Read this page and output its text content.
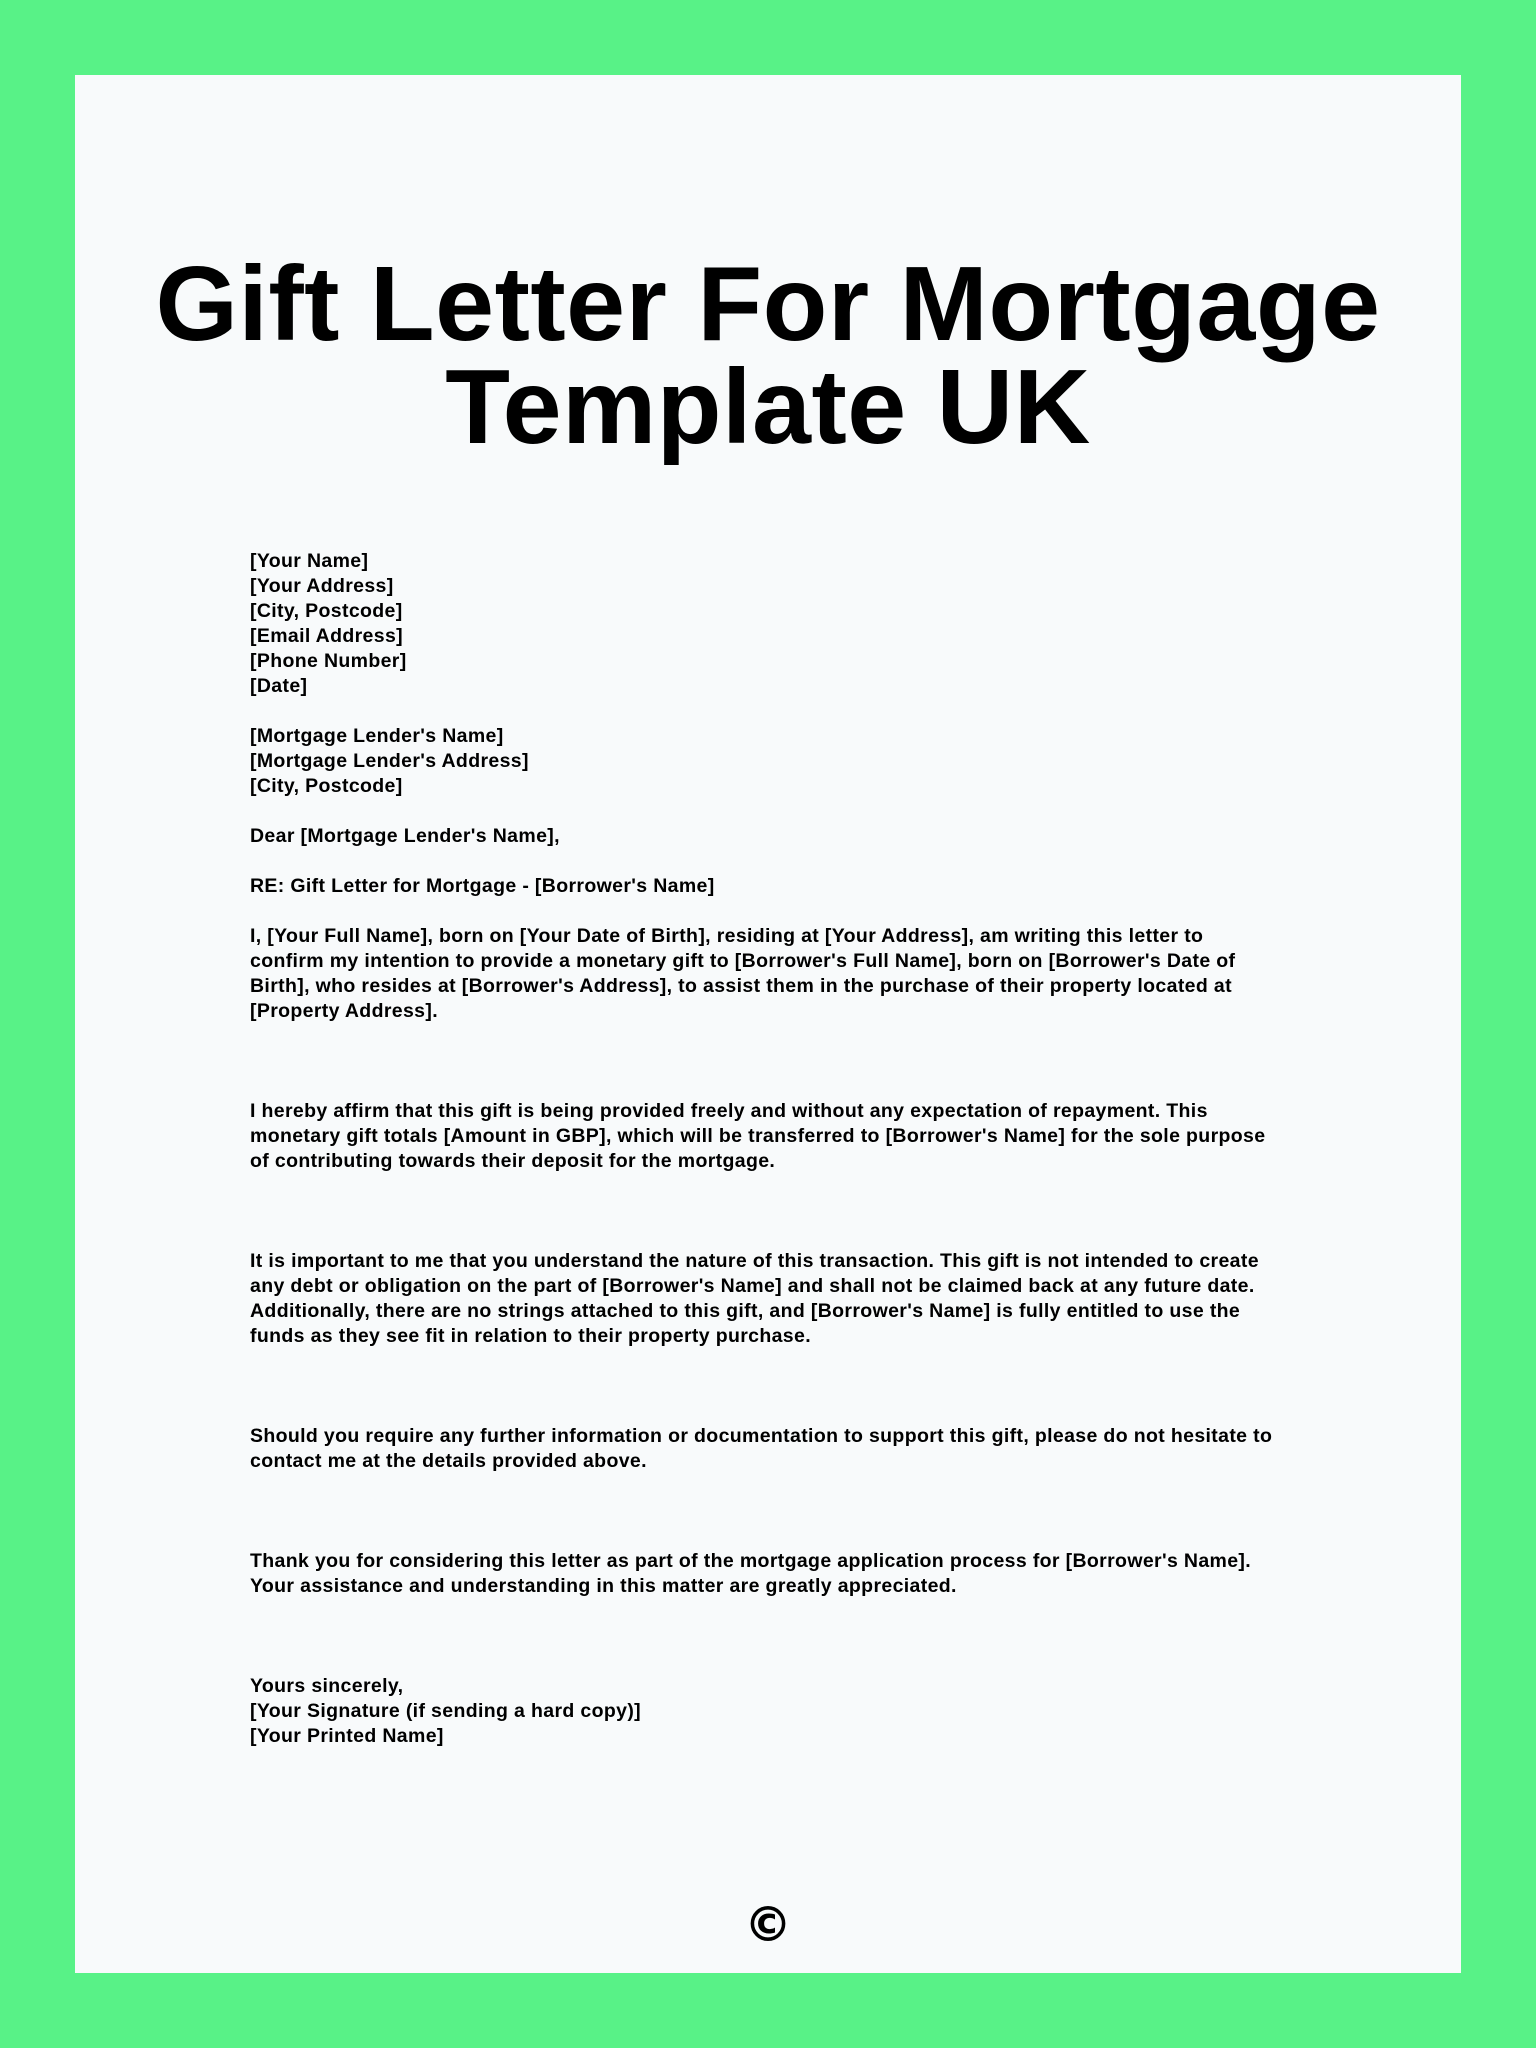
Gift Letter For Mortgage
Template UK
[Your Name]
[Your Address]
[City, Postcode]
[Email Address]
[Phone Number]
[Date]
[Mortgage Lender's Name]
[Mortgage Lender's Address]
[City, Postcode]
Dear [Mortgage Lender's Name],
RE: Gift Letter for Mortgage - [Borrower's Name]
I, [Your Full Name], born on [Your Date of Birth], residing at [Your Address], am writing this letter to
confirm my intention to provide a monetary gift to [Borrower's Full Name], born on [Borrower's Date of
Birth], who resides at [Borrower's Address], to assist them in the purchase of their property located at
[Property Address].
I hereby affirm that this gift is being provided freely and without any expectation of repayment. This
monetary gift totals [Amount in GBP], which will be transferred to [Borrower's Name] for the sole purpose
of contributing towards their deposit for the mortgage.
It is important to me that you understand the nature of this transaction. This gift is not intended to create
any debt or obligation on the part of [Borrower's Name] and shall not be claimed back at any future date.
Additionally, there are no strings attached to this gift, and [Borrower's Name] is fully entitled to use the
funds as they see fit in relation to their property purchase.
Should you require any further information or documentation to support this gift, please do not hesitate to
contact me at the details provided above.
Thank you for considering this letter as part of the mortgage application process for [Borrower's Name].
Your assistance and understanding in this matter are greatly appreciated.
Yours sincerely,
[Your Signature (if sending a hard copy)]
[Your Printed Name]
©
